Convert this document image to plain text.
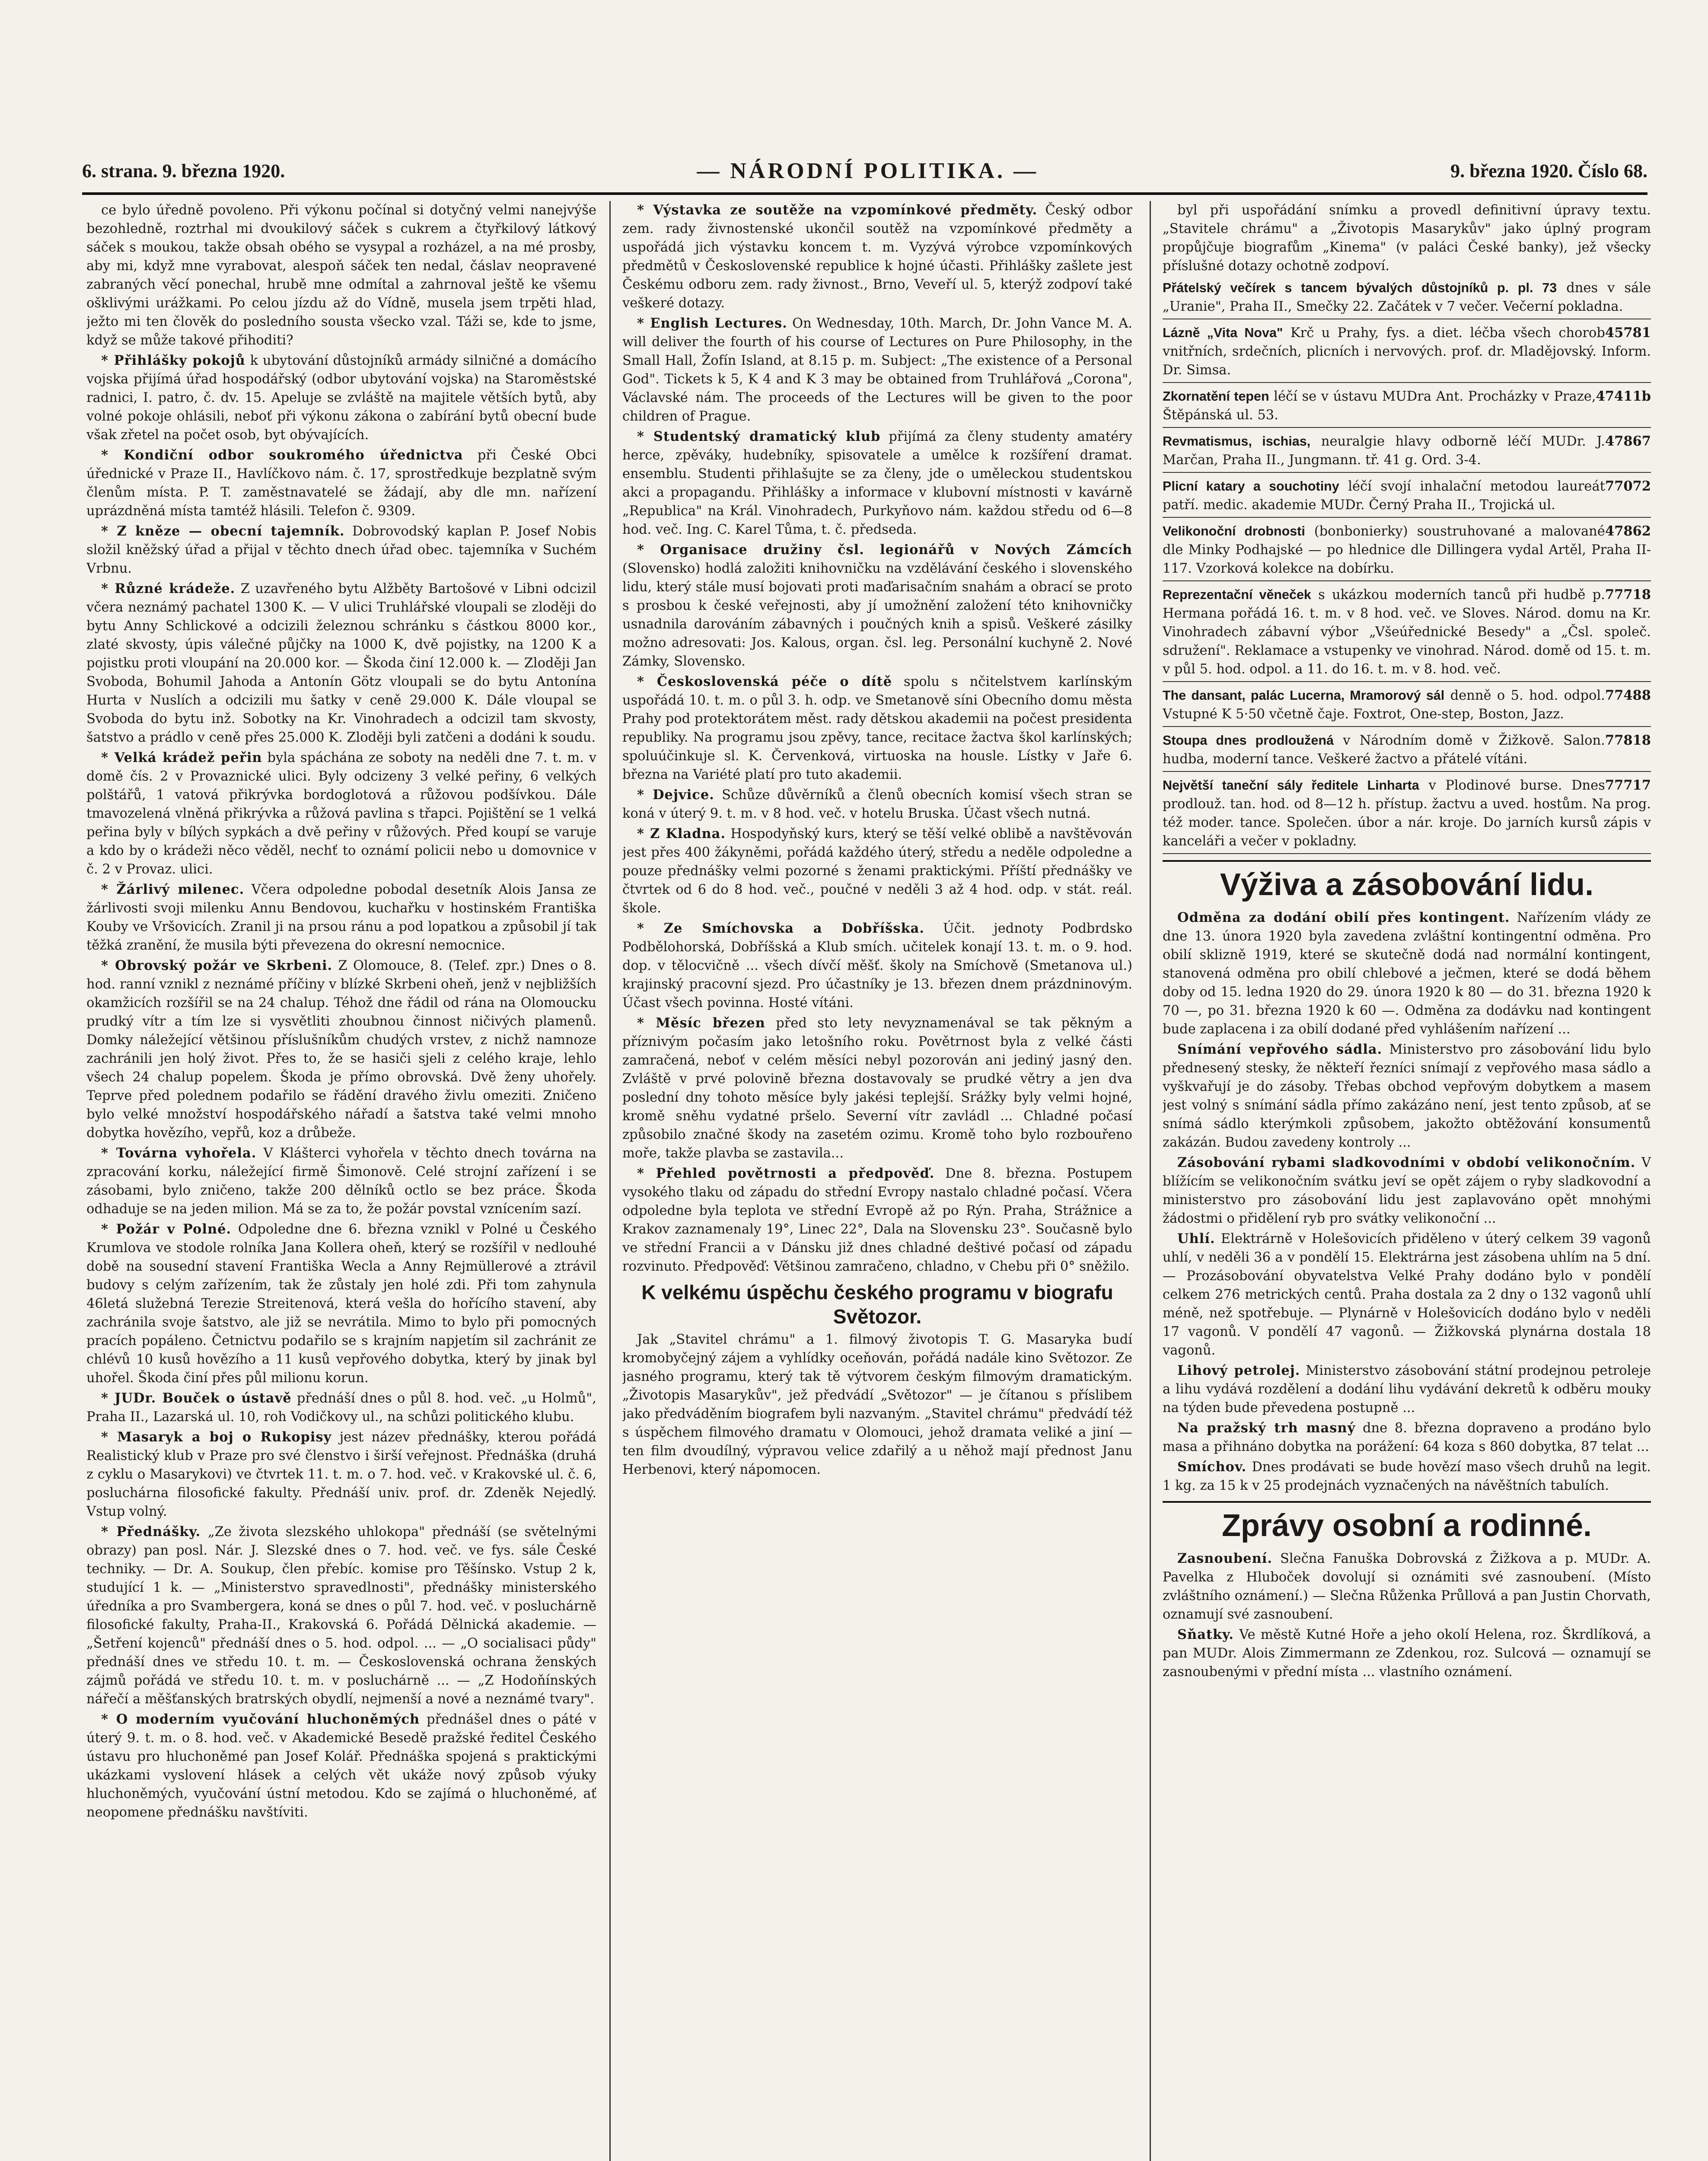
6. strana. 9. března 1920.	— NÁRODNÍ POLITIKA. —	9. března 1920. Číslo 68.

ce bylo úředně povoleno. Při výkonu počínal si dotyčný velmi nanejvýše bezohledně, roztrhal mi dvoukilový sáček s cukrem a čtyřkilový látkový sáček s moukou, takže obsah obého se vysypal a rozházel, a na mé prosby, aby mi, když mne vyrabovat, alespoň sáček ten nedal, čáslav neopravené zabraných věcí ponechal, hrubě mne odmítal a zahrnoval ještě ke všemu ošklivými urážkami. Po celou jízdu až do Vídně, musela jsem trpěti hlad, ježto mi ten člověk do posledního sousta všecko vzal. Táži se, kde to jsme, když se může takové přihoditi?

* Přihlášky pokojů k ubytování důstojníků armády silničné a domácího vojska přijímá úřad hospodářský (odbor ubytování vojska) na Staroměstské radnici, I. patro, č. dv. 15. Apeluje se zvláště na majitele větších bytů, aby volné pokoje ohlásili, neboť při výkonu zákona o zabírání bytů obecní bude však zřetel na počet osob, byt obývajících.

* Kondiční odbor soukromého úřednictva při České Obci úřednické v Praze II., Havlíčkovo nám. č. 17, sprostředkuje bezplatně svým členům místa. P. T. zaměstnavatelé se žádají, aby dle mn. nařízení uprázdněná místa tamtéž hlásili. Telefon č. 9309.

* Z kněze — obecní tajemník. Dobrovodský kaplan P. Josef Nobis složil kněžský úřad a přijal v těchto dnech úřad obec. tajemníka v Suchém Vrbnu.

* Různé krádeže. Z uzavřeného bytu Alžběty Bartošové v Libni odcizil včera neznámý pachatel 1300 K. — V ulici Truhlářské vloupali se zloději do bytu Anny Schlickové a odcizili železnou schránku s částkou 8000 kor., zlaté skvosty, úpis válečné půjčky na 1000 K, dvě pojistky, na 1200 K a pojistku proti vloupání na 20.000 kor. — Škoda činí 12.000 k. — Zloději Jan Svoboda, Bohumil Jahoda a Antonín Götz vloupali se do bytu Antonína Hurta v Nuslích a odcizili mu šatky v ceně 29.000 K. Dále vloupal se Svoboda do bytu inž. Sobotky na Kr. Vinohradech a odcizil tam skvosty, šatstvo a prádlo v ceně přes 25.000 K. Zloději byli zatčeni a dodáni k soudu.

* Velká krádež peřin byla spáchána ze soboty na neděli dne 7. t. m. v domě čís. 2 v Provaznické ulici. Byly odcizeny 3 velké peřiny, 6 velkých polštářů, 1 vatová přikrývka bordoglotová a růžovou podšívkou. Dále tmavozelená vlněná přikrývka a růžová pavlina s třapci. Pojištění se 1 velká peřina byly v bílých sypkách a dvě peřiny v růžových. Před koupí se varuje a kdo by o krádeži něco věděl, nechť to oznámí policii nebo u domovnice v č. 2 v Provaz. ulici.

* Žárlivý milenec. Včera odpoledne pobodal desetník Alois Jansa ze žárlivosti svoji milenku Annu Bendovou, kuchařku v hostinském Františka Kouby ve Vršovicích. Zranil ji na prsou ránu a pod lopatkou a způsobil jí tak těžká zranění, že musila býti převezena do okresní nemocnice.

* Obrovský požár ve Skrbeni. Z Olomouce, 8. (Telef. zpr.) Dnes o 8. hod. ranní vznikl z neznámé příčiny v blízké Skrbeni oheň, jenž v nejbližších okamžicích rozšířil se na 24 chalup. Téhož dne řádil od rána na Olomoucku prudký vítr a tím lze si vysvětliti zhoubnou činnost ničivých plamenů. Domky náležející většinou příslušníkům chudých vrstev, z nichž namnoze zachránili jen holý život. Přes to, že se hasiči sjeli z celého kraje, lehlo všech 24 chalup popelem. Škoda je přímo obrovská. Dvě ženy uhořely. Teprve před polednem podařilo se řádění dravého živlu omeziti. Zničeno bylo velké množství hospodářského nářadí a šatstva také velmi mnoho dobytka hovězího, vepřů, koz a drůbeže.

* Továrna vyhořela. V Klášterci vyhořela v těchto dnech továrna na zpracování korku, náležející firmě Šimonově. Celé strojní zařízení i se zásobami, bylo zničeno, takže 200 dělníků octlo se bez práce. Škoda odhaduje se na jeden milion. Má se za to, že požár povstal vznícením sazí.

* Požár v Polné. Odpoledne dne 6. března vznikl v Polné u Českého Krumlova ve stodole rolníka Jana Kollera oheň, který se rozšířil v nedlouhé době na sousední stavení Františka Wecla a Anny Rejmüllerové a ztrávil budovy s celým zařízením, tak že zůstaly jen holé zdi. Při tom zahynula 46letá služebná Terezie Streitenová, která vešla do hořícího stavení, aby zachránila svoje šatstvo, ale již se nevrátila. Mimo to bylo při pomocných pracích popáleno. Četnictvu podařilo se s krajním napjetím sil zachránit ze chlévů 10 kusů hovězího a 11 kusů vepřového dobytka, který by jinak byl uhořel. Škoda činí přes půl milionu korun.

* JUDr. Bouček o ústavě přednáší dnes o půl 8. hod. več. „u Holmů", Praha II., Lazarská ul. 10, roh Vodičkovy ul., na schůzi politického klubu.

* Masaryk a boj o Rukopisy jest název přednášky, kterou pořádá Realistický klub v Praze pro své členstvo i širší veřejnost. Přednáška (druhá z cyklu o Masarykovi) ve čtvrtek 11. t. m. o 7. hod. več. v Krakovské ul. č. 6, posluchárna filosofické fakulty. Přednáší univ. prof. dr. Zdeněk Nejedlý. Vstup volný.

* Přednášky. „Ze života slezského uhlokopa" přednáší (se světelnými obrazy) pan posl. Nár. J. Slezské dnes o 7. hod. več. ve fys. sále České techniky. — Dr. A. Soukup, člen přebíc. komise pro Těšínsko. Vstup 2 k, studující 1 k. — „Ministerstvo spravedlnosti", přednášky ministerského úředníka a pro Svambergera, koná se dnes o půl 7. hod. več. v posluchárně filosofické fakulty, Praha-II., Krakovská 6. Pořádá Dělnická akademie. — „Šetření kojenců" přednáší dnes o 5. hod. odpol. ... — „O socialisaci půdy" přednáší dnes ve středu 10. t. m. — Československá ochrana ženských zájmů pořádá ve středu 10. t. m. v posluchárně ... — „Z Hodoňínských nářečí a měšťanských bratrských obydlí, nejmenší a nové a neznámé tvary".

* O moderním vyučování hluchoněmých přednášel dnes o páté v úterý 9. t. m. o 8. hod. več. v Akademické Besedě pražské ředitel Českého ústavu pro hluchoněmé pan Josef Kolář. Přednáška spojená s praktickými ukázkami vyslovení hlásek a celých vět ukáže nový způsob výuky hluchoněmých, vyučování ústní metodou. Kdo se zajímá o hluchoněmé, ať neopomene přednášku navštíviti.

* Výstavka ze soutěže na vzpomínkové předměty. Český odbor zem. rady živnostenské ukončil soutěž na vzpomínkové předměty a uspořádá jich výstavku koncem t. m. Vyzývá výrobce vzpomínkových předmětů v Československé republice k hojné účasti. Přihlášky zašlete jest Českému odboru zem. rady živnost., Brno, Veveří ul. 5, kterýž zodpoví také veškeré dotazy.

* English Lectures. On Wednesday, 10th. March, Dr. John Vance M. A. will deliver the fourth of his course of Lectures on Pure Philosophy, in the Small Hall, Žofín Island, at 8.15 p. m. Subject: „The existence of a Personal God". Tickets k 5, K 4 and K 3 may be obtained from Truhlářová „Corona", Václavské nám. The proceeds of the Lectures will be given to the poor children of Prague.

* Studentský dramatický klub přijímá za členy studenty amatéry herce, zpěváky, hudebníky, spisovatele a umělce k rozšíření dramat. ensemblu. Studenti přihlašujte se za členy, jde o uměleckou studentskou akci a propagandu. Přihlášky a informace v klubovní místnosti v kavárně „Republica" na Král. Vinohradech, Purkyňovo nám. každou středu od 6—8 hod. več. Ing. C. Karel Tůma, t. č. předseda.

* Organisace družiny čsl. legionářů v Nových Zámcích (Slovensko) hodlá založiti knihovničku na vzdělávání českého i slovenského lidu, který stále musí bojovati proti maďarisačním snahám a obrací se proto s prosbou k české veřejnosti, aby jí umožnění založení této knihovničky usnadnila darováním zábavných i poučných knih a spisů. Veškeré zásilky možno adresovati: Jos. Kalous, organ. čsl. leg. Personální kuchyně 2. Nové Zámky, Slovensko.

* Československá péče o dítě spolu s nčitelstvem karlínským uspořádá 10. t. m. o půl 3. h. odp. ve Smetanově síni Obecního domu města Prahy pod protektorátem měst. rady dětskou akademii na počest presidenta republiky. Na programu jsou zpěvy, tance, recitace žactva škol karlínských; spoluúčinkuje sl. K. Červenková, virtuoska na housle. Lístky v Jaře 6. března na Variété platí pro tuto akademii.

* Dejvice. Schůze důvěrníků a členů obecních komisí všech stran se koná v úterý 9. t. m. v 8 hod. več. v hotelu Bruska. Účast všech nutná.

* Z Kladna. Hospodyňský kurs, který se těší velké oblibě a navštěvován jest přes 400 žákyněmi, pořádá každého úterý, středu a neděle odpoledne a pouze přednášky velmi pozorné s ženami praktickými. Příští přednášky ve čtvrtek od 6 do 8 hod. več., poučné v neděli 3 až 4 hod. odp. v stát. reál. škole.

* Ze Smíchovska a Dobříšska. Účit. jednoty Podbrdsko Podbělohorská, Dobříšská a Klub smích. učitelek konají 13. t. m. o 9. hod. dop. v tělocvičně ... všech dívčí měšť. školy na Smíchově (Smetanova ul.) krajinský pracovní sjezd. Pro účastníky je 13. březen dnem prázdninovým. Účast všech povinna. Hosté vítáni.

* Měsíc březen před sto lety nevyznamenával se tak pěkným a příznivým počasím jako letošního roku. Povětrnost byla z velké části zamračená, neboť v celém měsíci nebyl pozorován ani jediný jasný den. Zvláště v prvé polovině března dostavovaly se prudké větry a jen dva poslední dny tohoto měsíce byly jakési teplejší. Srážky byly velmi hojné, kromě sněhu vydatné pršelo. Severní vítr zavládl ... Chladné počasí způsobilo značné škody na zasetém ozimu. Kromě toho bylo rozbouřeno moře, takže plavba se zastavila...

* Přehled povětrnosti a předpověď. Dne 8. března. Postupem vysokého tlaku od západu do střední Evropy nastalo chladné počasí. Včera odpoledne byla teplota ve střední Evropě až po Rýn. Praha, Strážnice a Krakov zaznamenaly 19°, Linec 22°, Dala na Slovensku 23°. Současně bylo ve střední Francii a v Dánsku již dnes chladné deštivé počasí od západu rozvinuto. Předpověď: Většinou zamračeno, chladno, v Chebu při 0° sněžilo.

K velkému úspěchu českého programu v biografu Světozor.

Jak „Stavitel chrámu" a 1. filmový životopis T. G. Masaryka budí kromobyčejný zájem a vyhlídky oceňován, pořádá nadále kino Světozor. Ze jasného programu, který tak tě výtvorem českým filmovým dramatickým. „Životopis Masarykův", jež předvádí „Světozor" — je čítanou s příslibem jako předváděním biografem byli nazvaným. „Stavitel chrámu" předvádí též s úspěchem filmového dramatu v Olomouci, jehož dramata veliké a jiní — ten film dvoudílný, výpravou velice zdařilý a u něhož mají přednost Janu Herbenovi, který nápomocen.

byl při uspořádání snímku a provedl definitivní úpravy textu. „Stavitele chrámu" a „Životopis Masarykův" jako úplný program propůjčuje biografům „Kinema" (v paláci České banky), jež všecky příslušné dotazy ochotně zodpoví.

Přátelský večírek s tancem bývalých důstojníků p. pl. 73 dnes v sále „Uranie", Praha II., Smečky 22. Začátek v 7 večer. Večerní pokladna.
45781
Lázně „Vita Nova" Krč u Prahy, fys. a diet. léčba všech chorob vnitřních, srdečních, plicních i nervových. prof. dr. Mladějovský. Inform. Dr. Simsa.
47411b
Zkornatění tepen léčí se v ústavu MUDra Ant. Procházky v Praze, Štěpánská ul. 53.
47867
Revmatismus, ischias, neuralgie hlavy odborně léčí MUDr. J. Marčan, Praha II., Jungmann. tř. 41 g. Ord. 3-4.
77072
Plicní katary a souchotiny léčí svojí inhalační metodou laureát patří. medic. akademie MUDr. Černý Praha II., Trojická ul.
47862
Velikonoční drobnosti (bonbonierky) soustruhované a malované dle Minky Podhajské — po hlednice dle Dillingera vydal Artěl, Praha II-117. Vzorková kolekce na dobírku.
77718
Reprezentační věneček s ukázkou moderních tanců při hudbě p. Hermana pořádá 16. t. m. v 8 hod. več. ve Sloves. Národ. domu na Kr. Vinohradech zábavní výbor „Všeúřednické Besedy" a „Čsl. společ. sdružení". Reklamace a vstupenky ve vinohrad. Národ. domě od 15. t. m. v půl 5. hod. odpol. a 11. do 16. t. m. v 8. hod. več.
77488
The dansant, palác Lucerna, Mramorový sál denně o 5. hod. odpol. Vstupné K 5·50 včetně čaje. Foxtrot, One-step, Boston, Jazz.
77818
Stoupa dnes prodloužená v Národním domě v Žižkově. Salon. hudba, moderní tance. Veškeré žactvo a přátelé vítáni.
77717
Největší taneční sály ředitele Linharta v Plodinové burse. Dnes prodlouž. tan. hod. od 8—12 h. přístup. žactvu a uved. hostům. Na prog. též moder. tance. Společen. úbor a nár. kroje. Do jarních kursů zápis v kanceláři a večer v pokladny.
Výživa a zásobování lidu.

Odměna za dodání obilí přes kontingent. Nařízením vlády ze dne 13. února 1920 byla zavedena zvláštní kontingentní odměna. Pro obilí sklizně 1919, které se skutečně dodá nad normální kontingent, stanovená odměna pro obilí chlebové a ječmen, které se dodá během doby od 15. ledna 1920 do 29. února 1920 k 80 — do 31. března 1920 k 70 —, po 31. března 1920 k 60 —. Odměna za dodávku nad kontingent bude zaplacena i za obilí dodané před vyhlášením nařízení ...

Snímání vepřového sádla. Ministerstvo pro zásobování lidu bylo přednesený stesky, že někteří řezníci snímají z vepřového masa sádlo a vyškvařují je do zásoby. Třebas obchod vepřovým dobytkem a masem jest volný s snímání sádla přímo zakázáno není, jest tento způsob, ať se snímá sádlo kterýmkoli způsobem, jakožto obtěžování konsumentů zakázán. Budou zavedeny kontroly ...

Zásobování rybami sladkovodními v období velikonočním. V blížícím se velikonočním svátku jeví se opět zájem o ryby sladkovodní a ministerstvo pro zásobování lidu jest zaplavováno opět mnohými žádostmi o přidělení ryb pro svátky velikonoční ...

Uhlí. Elektrárně v Holešovicích přiděleno v úterý celkem 39 vagonů uhlí, v neděli 36 a v pondělí 15. Elektrárna jest zásobena uhlím na 5 dní. — Prozásobování obyvatelstva Velké Prahy dodáno bylo v pondělí celkem 276 metrických centů. Praha dostala za 2 dny o 132 vagonů uhlí méně, než spotřebuje. — Plynárně v Holešovicích dodáno bylo v neděli 17 vagonů. V pondělí 47 vagonů. — Žižkovská plynárna dostala 18 vagonů.

Lihový petrolej. Ministerstvo zásobování státní prodejnou petroleje a lihu vydává rozdělení a dodání lihu vydávání dekretů k odběru mouky na týden bude převedena postupně ...

Na pražský trh masný dne 8. března dopraveno a prodáno bylo masa a přihnáno dobytka na porážení: 64 koza s 860 dobytka, 87 telat ...

Smíchov. Dnes prodávati se bude hovězí maso všech druhů na legit. 1 kg. za 15 k v 25 prodejnách vyznačených na návěštních tabulích.

Zprávy osobní a rodinné.

Zasnoubení. Slečna Fanuška Dobrovská z Žižkova a p. MUDr. A. Pavelka z Hluboček dovolují si oznámiti své zasnoubení. (Místo zvláštního oznámení.) — Slečna Růženka Průllová a pan Justin Chorvath, oznamují své zasnoubení.

Sňatky. Ve městě Kutné Hoře a jeho okolí Helena, roz. Škrdlíková, a pan MUDr. Alois Zimmermann ze Zdenkou, roz. Sulcová — oznamují se zasnoubenými v přední místa ... vlastního oznámení.
